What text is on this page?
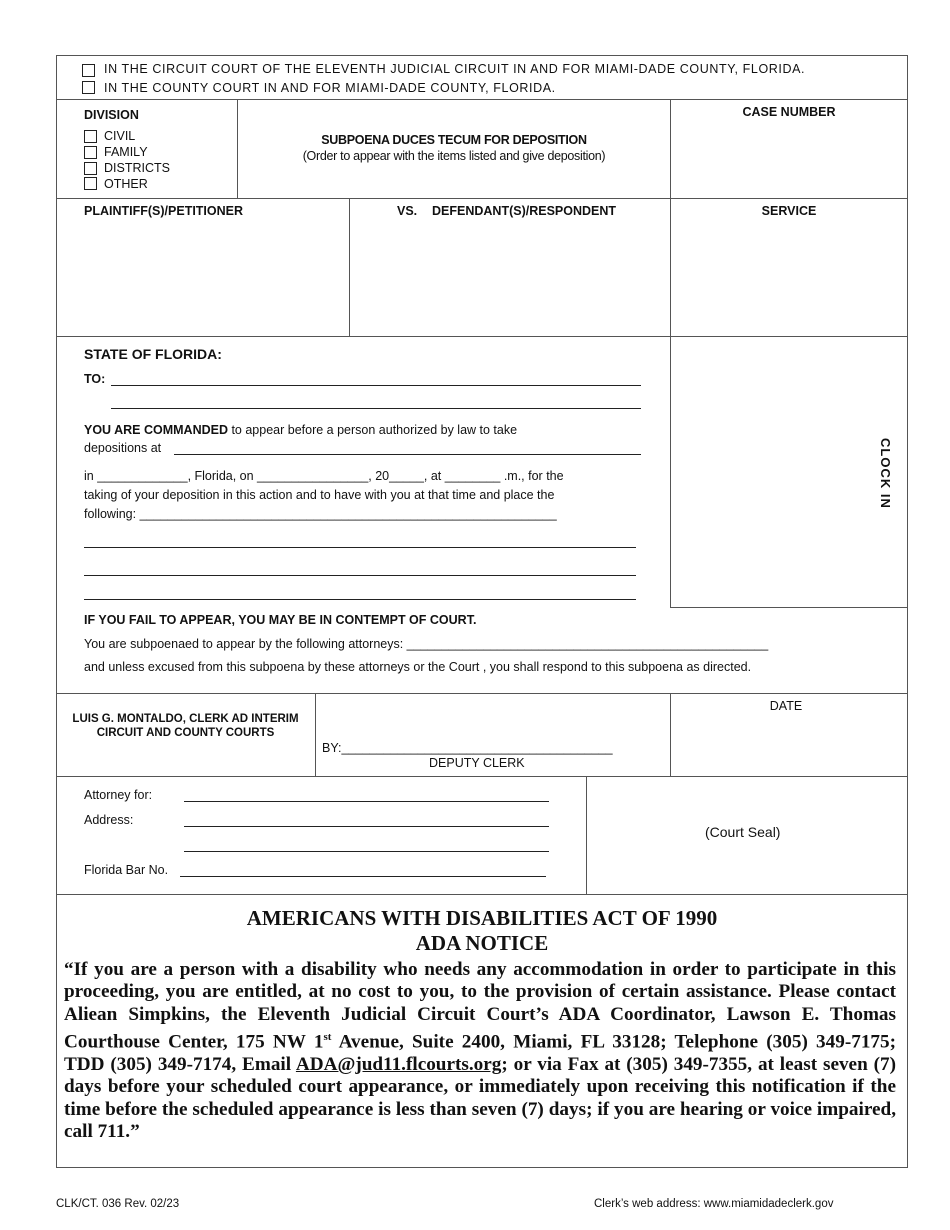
IN THE CIRCUIT COURT OF THE ELEVENTH JUDICIAL CIRCUIT IN AND FOR MIAMI-DADE COUNTY, FLORIDA.
IN THE COUNTY COURT IN AND FOR MIAMI-DADE COUNTY, FLORIDA.
DIVISION
CIVIL
FAMILY
DISTRICTS
OTHER
SUBPOENA DUCES TECUM FOR DEPOSITION
(Order to appear with the items listed and give deposition)
CASE NUMBER
PLAINTIFF(S)/PETITIONER	VS. DEFENDANT(S)/RESPONDENT	SERVICE
STATE OF FLORIDA:
TO:
YOU ARE COMMANDED to appear before a person authorized by law to take
depositions at
in _____________, Florida, on ________________, 20_____, at ________ .m., for the
taking of your deposition in this action and to have with you at that time and place the
following: ____________________________________________________________
CLOCK IN
IF YOU FAIL TO APPEAR, YOU MAY BE IN CONTEMPT OF COURT.
You are subpoenaed to appear by the following attorneys: ____________________________________________________
and unless excused from this subpoena by these attorneys or the Court , you shall respond to this subpoena as directed.
LUIS G. MONTALDO, CLERK AD INTERIM
CIRCUIT AND COUNTY COURTS
BY:_______________________________________
DEPUTY CLERK
DATE
Attorney for:
Address:
Florida Bar No.
(Court Seal)
AMERICANS WITH DISABILITIES ACT OF 1990
ADA NOTICE
“If you are a person with a disability who needs any accommodation in order to participate in this proceeding, you are entitled, at no cost to you, to the provision of certain assistance. Please contact Aliean Simpkins, the Eleventh Judicial Circuit Court’s ADA Coordinator, Lawson E. Thomas Courthouse Center, 175 NW 1st Avenue, Suite 2400, Miami, FL 33128; Telephone (305) 349-7175; TDD (305) 349-7174, Email ADA@jud11.flcourts.org; or via Fax at (305) 349-7355, at least seven (7) days before your scheduled court appearance, or immediately upon receiving this notification if the time before the scheduled appearance is less than seven (7) days; if you are hearing or voice impaired, call 711.”
CLK/CT. 036 Rev. 02/23	Clerk’s web address: www.miamidadeclerk.gov
